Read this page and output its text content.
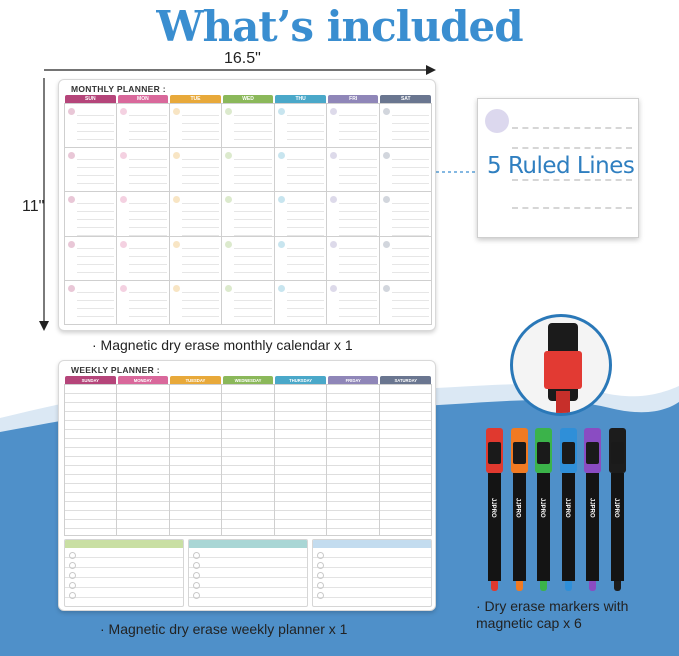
What’s included
16.5"
11"
MONTHLY PLANNER :
SUN	MON	TUE	WED	THU	FRI	SAT
· Magnetic dry erase monthly calendar x 1
5 Ruled Lines
WEEKLY PLANNER :
SUNDAY	MONDAY	TUESDAY	WEDNESDAY	THURSDAY	FRIDAY	SATURDAY
· Magnetic dry erase weekly planner x 1
JJPRO	JJPRO	JJPRO	JJPRO	JJPRO	JJPRO
· Dry erase markers with magnetic cap x 6
